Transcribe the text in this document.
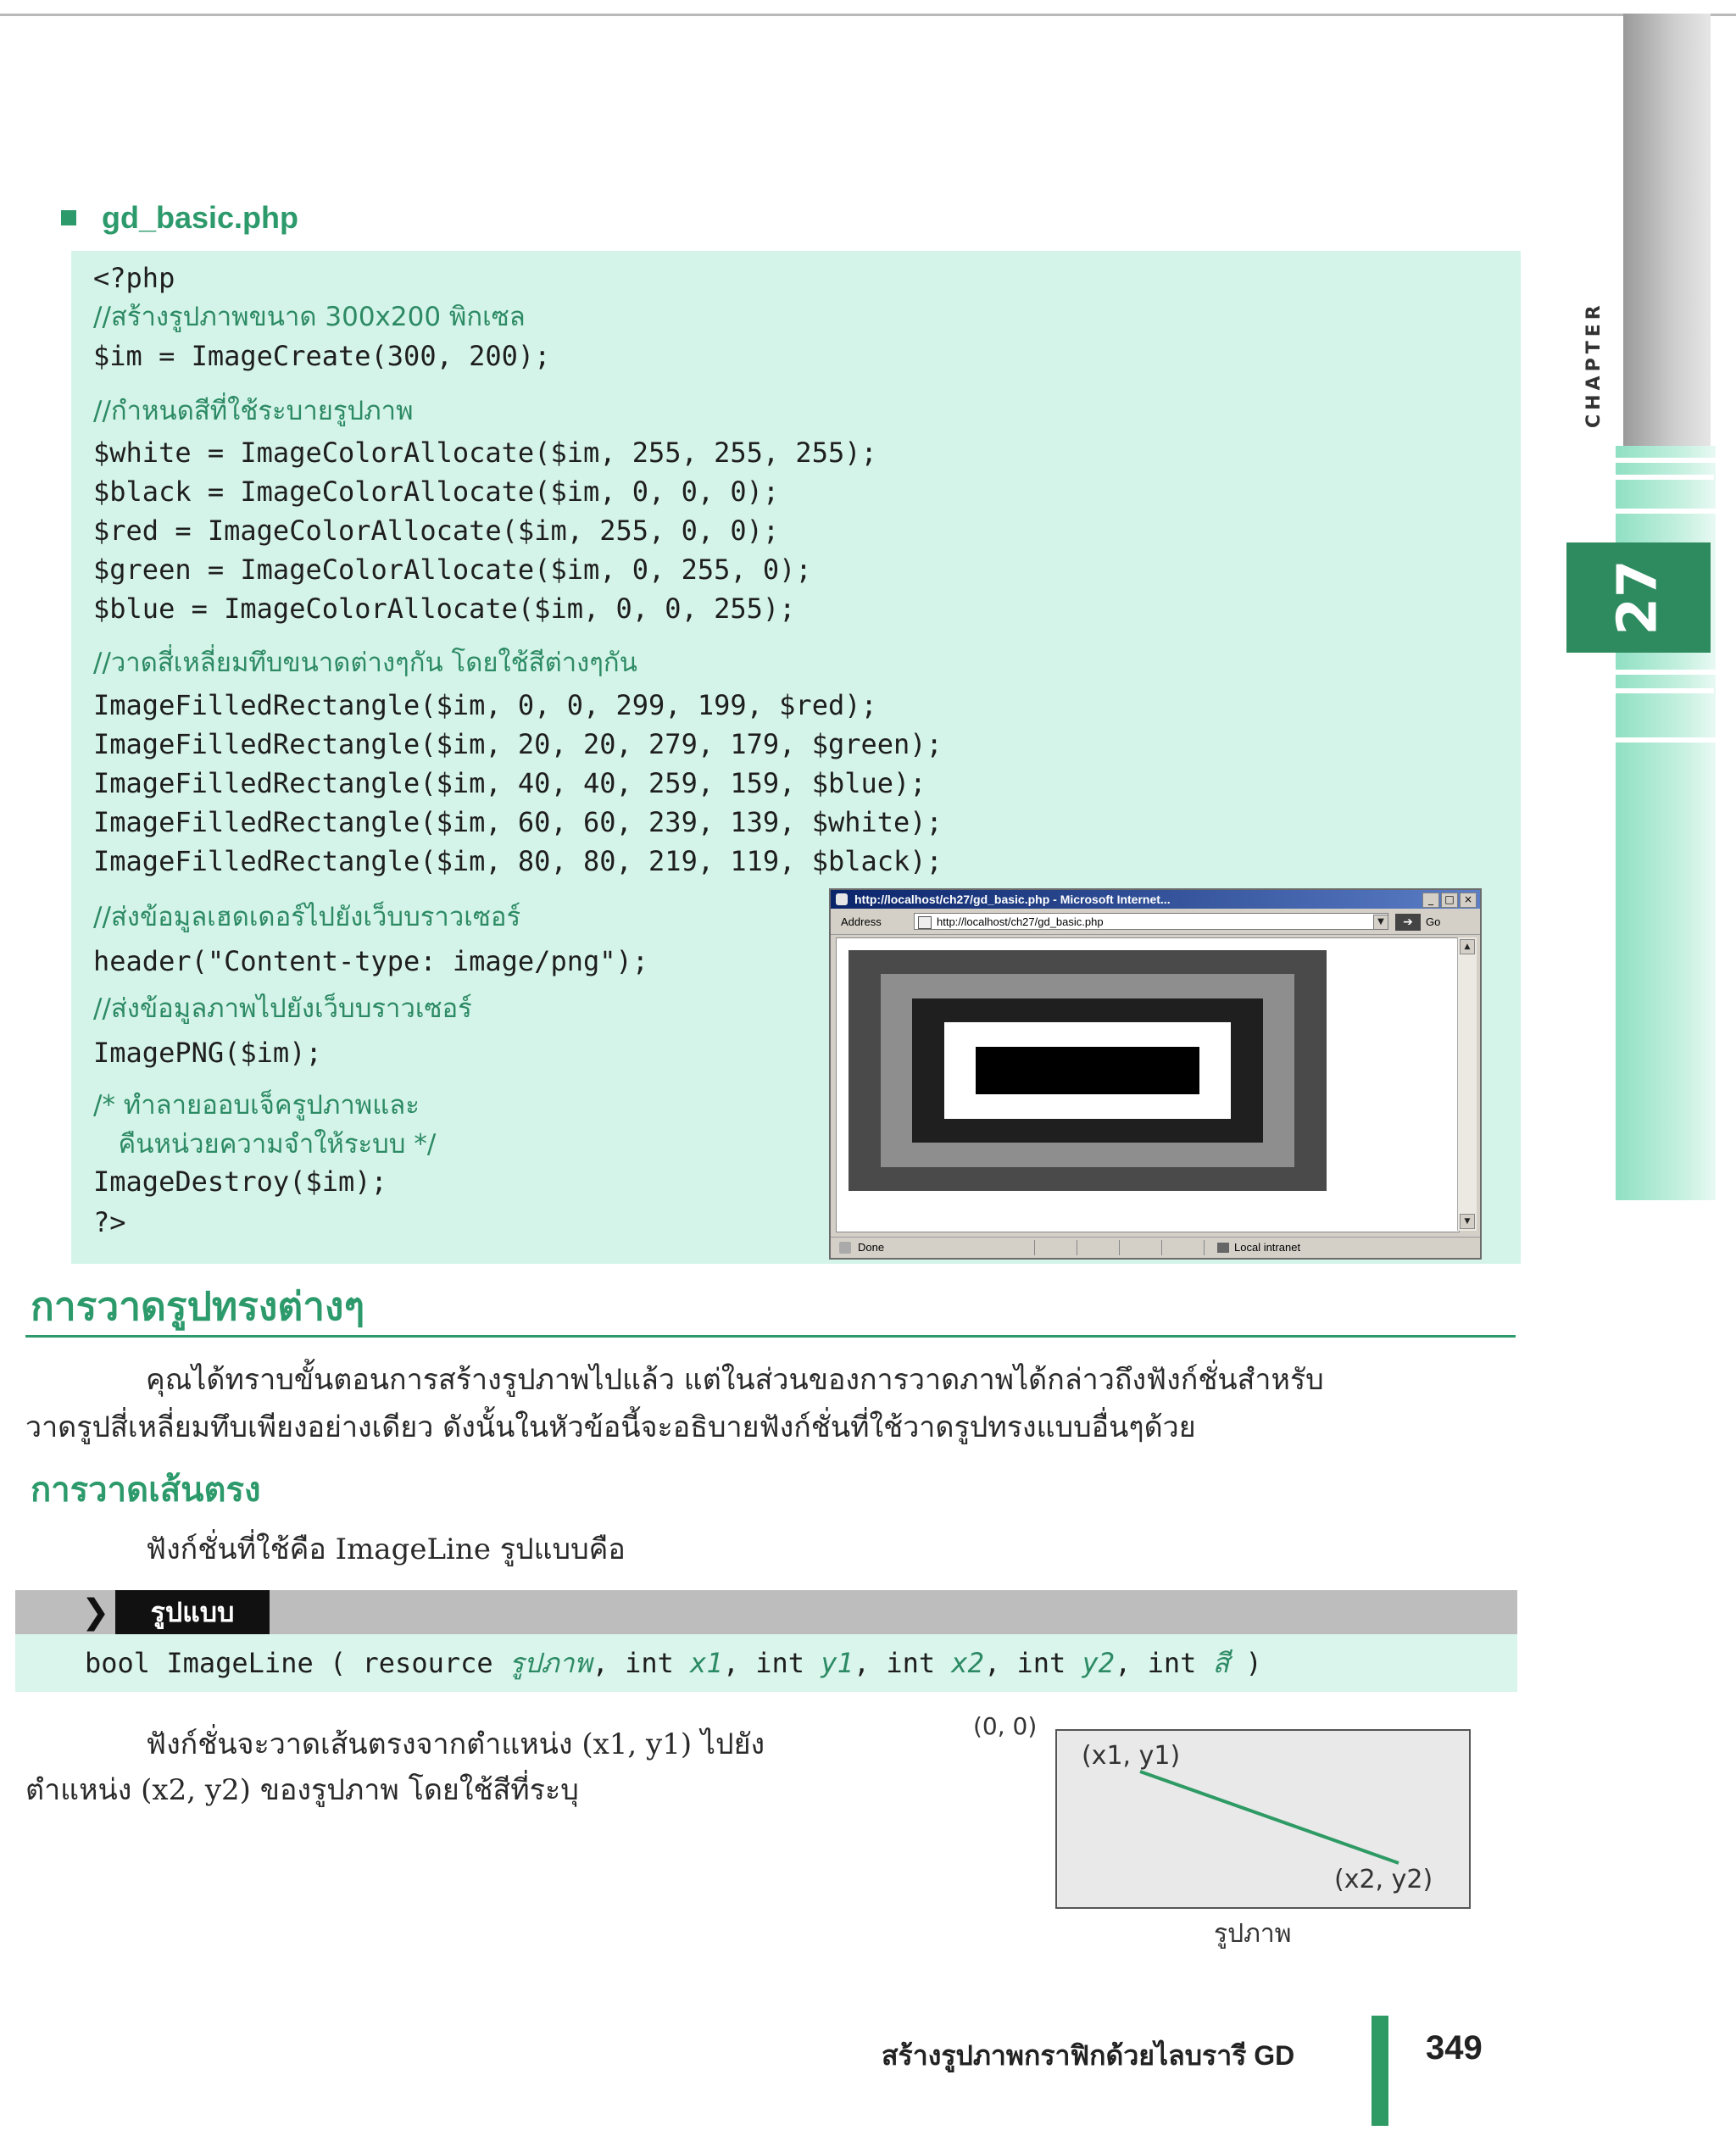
CHAPTER
27
gd_basic.php
<?php
//สร้างรูปภาพขนาด 300x200 พิกเซล
$im = ImageCreate(300, 200);
//กำหนดสีที่ใช้ระบายรูปภาพ
$white = ImageColorAllocate($im, 255, 255, 255);
$black = ImageColorAllocate($im, 0, 0, 0);
$red = ImageColorAllocate($im, 255, 0, 0);
$green = ImageColorAllocate($im, 0, 255, 0);
$blue = ImageColorAllocate($im, 0, 0, 255);
//วาดสี่เหลี่ยมทึบขนาดต่างๆกัน โดยใช้สีต่างๆกัน
ImageFilledRectangle($im, 0, 0, 299, 199, $red);
ImageFilledRectangle($im, 20, 20, 279, 179, $green);
ImageFilledRectangle($im, 40, 40, 259, 159, $blue);
ImageFilledRectangle($im, 60, 60, 239, 139, $white);
ImageFilledRectangle($im, 80, 80, 219, 119, $black);
//ส่งข้อมูลเฮดเดอร์ไปยังเว็บบราวเซอร์
header("Content-type: image/png");
//ส่งข้อมูลภาพไปยังเว็บบราวเซอร์
ImagePNG($im);
/* ทำลายออบเจ็ครูปภาพและ
คืนหน่วยความจำให้ระบบ */
ImageDestroy($im);
?>
http://localhost/ch27/gd_basic.php - Microsoft Internet...	_	□ ×
Address	http://localhost/ch27/gd_basic.php	▼	➔	Go
▲
▼
Done	Local intranet
การวาดรูปทรงต่างๆ
คุณได้ทราบขั้นตอนการสร้างรูปภาพไปแล้ว แต่ในส่วนของการวาดภาพได้กล่าวถึงฟังก์ชั่นสำหรับ
วาดรูปสี่เหลี่ยมทึบเพียงอย่างเดียว ดังนั้นในหัวข้อนี้จะอธิบายฟังก์ชั่นที่ใช้วาดรูปทรงแบบอื่นๆด้วย
การวาดเส้นตรง
ฟังก์ชั่นที่ใช้คือ ImageLine รูปแบบคือ
❯	รูปแบบ
bool ImageLine ( resource รูปภาพ, int x1, int y1, int x2, int y2, int สี )
ฟังก์ชั่นจะวาดเส้นตรงจากตำแหน่ง (x1, y1) ไปยัง
ตำแหน่ง (x2, y2) ของรูปภาพ โดยใช้สีที่ระบุ
(0, 0)
(x1, y1)
(x2, y2)
รูปภาพ
สร้างรูปภาพกราฟิกด้วยไลบรารี GD	349
